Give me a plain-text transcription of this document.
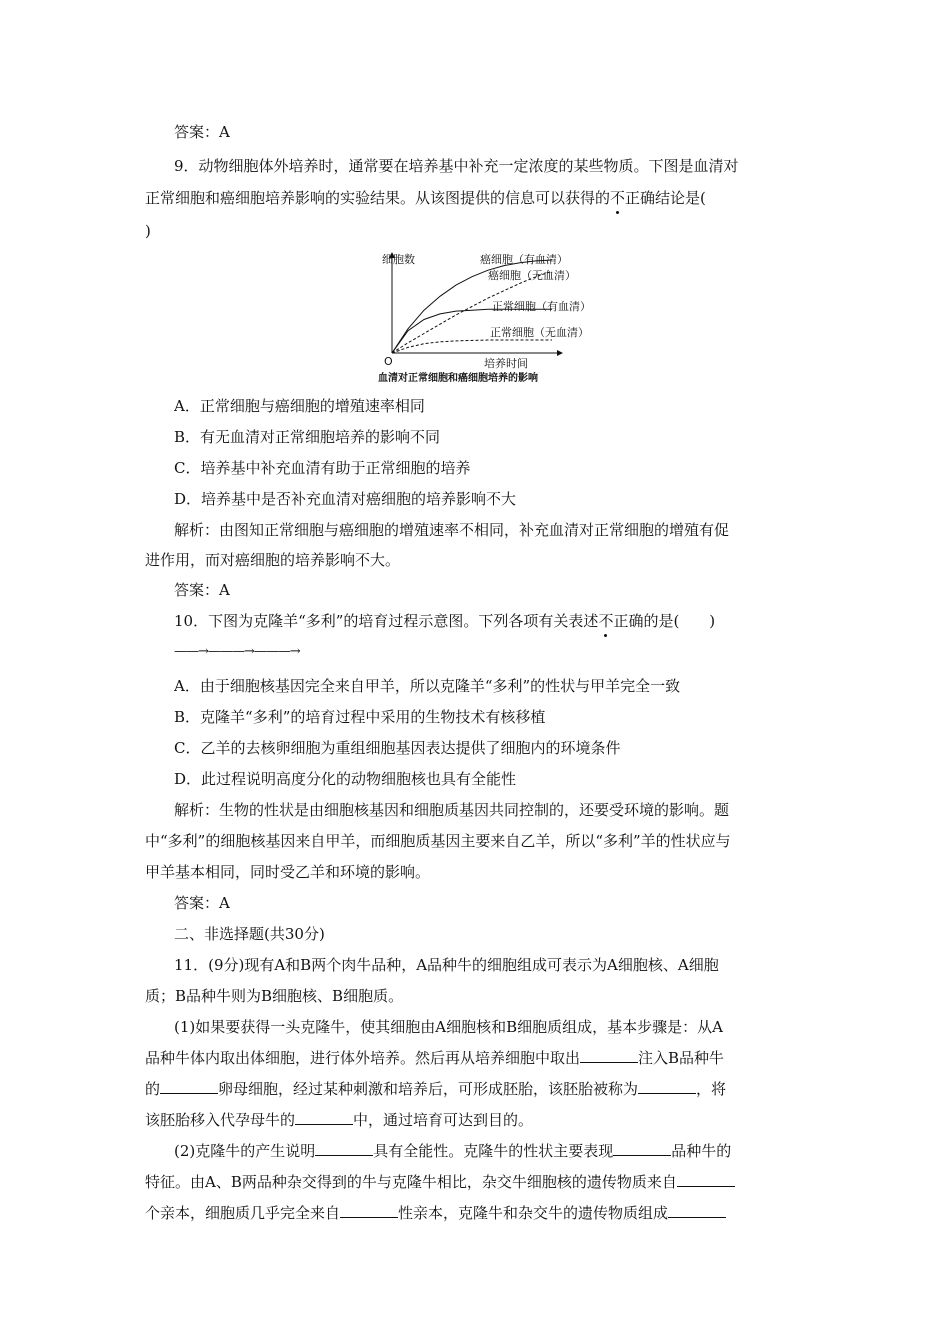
答案：A
9．动物细胞体外培养时，通常要在培养基中补充一定浓度的某些物质。下图是血清对
正常细胞和癌细胞培养影响的实验结果。从该图提供的信息可以获得的不正确结论是(
)
细胞数
O	培养时间
血清对正常细胞和癌细胞培养的影响
癌细胞（有血清）
癌细胞（无血清）
正常细胞（有血清）
正常细胞（无血清）
A．正常细胞与癌细胞的增殖速率相同
B．有无血清对正常细胞培养的影响不同
C．培养基中补充血清有助于正常细胞的培养
D．培养基中是否补充血清对癌细胞的培养影响不大
解析：由图知正常细胞与癌细胞的增殖速率不相同，补充血清对正常细胞的增殖有促
进作用，而对癌细胞的培养影响不大。
答案：A
10．下图为克隆羊“多利”的培育过程示意图。下列各项有关表述不正确的是(　　)
——→———→———→
A．由于细胞核基因完全来自甲羊，所以克隆羊“多利”的性状与甲羊完全一致
B．克隆羊“多利”的培育过程中采用的生物技术有核移植
C．乙羊的去核卵细胞为重组细胞基因表达提供了细胞内的环境条件
D．此过程说明高度分化的动物细胞核也具有全能性
解析：生物的性状是由细胞核基因和细胞质基因共同控制的，还要受环境的影响。题
中“多利”的细胞核基因来自甲羊，而细胞质基因主要来自乙羊，所以“多利”羊的性状应与
甲羊基本相同，同时受乙羊和环境的影响。
答案：A
二、非选择题(共30分)
11．(9分)现有A和B两个肉牛品种，A品种牛的细胞组成可表示为A细胞核、A细胞
质；B品种牛则为B细胞核、B细胞质。
(1)如果要获得一头克隆牛，使其细胞由A细胞核和B细胞质组成，基本步骤是：从A
品种牛体内取出体细胞，进行体外培养。然后再从培养细胞中取出	注入B品种牛
的	卵母细胞，经过某种刺激和培养后，可形成胚胎，该胚胎被称为	，将
该胚胎移入代孕母牛的	中，通过培育可达到目的。
(2)克隆牛的产生说明	具有全能性。克隆牛的性状主要表现	品种牛的
特征。由A、B两品种杂交得到的牛与克隆牛相比，杂交牛细胞核的遗传物质来自
个亲本，细胞质几乎完全来自	性亲本，克隆牛和杂交牛的遗传物质组成
